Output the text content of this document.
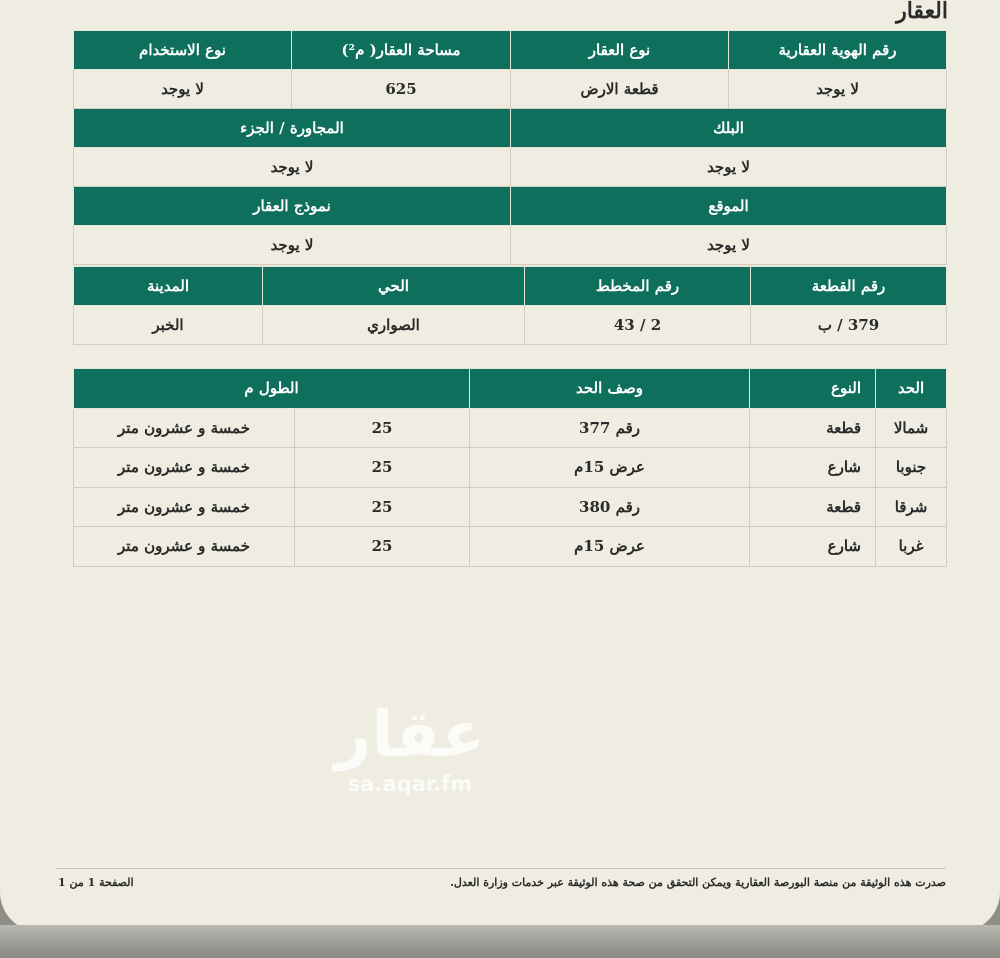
العقار
رقم الهوية العقارية	نوع العقار	مساحة العقار( م²)	نوع الاستخدام
لا يوجد	قطعة الارض	625	لا يوجد
البلك		المجاورة / الجزء	
لا يوجد		لا يوجد	
الموقع		نموذج العقار	
لا يوجد		لا يوجد	
رقم القطعة	رقم المخطط	الحي	المدينة
379 / ب	2 / 43	الصواري	الخبر
الحد	النوع	وصف الحد	الطول م	
شمالا	قطعة	رقم 377	25	خمسة و عشرون متر
جنوبا	شارع	عرض 15م	25	خمسة و عشرون متر
شرقا	قطعة	رقم 380	25	خمسة و عشرون متر
غربا	شارع	عرض 15م	25	خمسة و عشرون متر
عقار
sa.aqar.fm
صدرت هذه الوثيقة من منصة البورصة العقارية ويمكن التحقق من صحة هذه الوثيقة عبر خدمات وزارة العدل.
الصفحة 1 من 1
